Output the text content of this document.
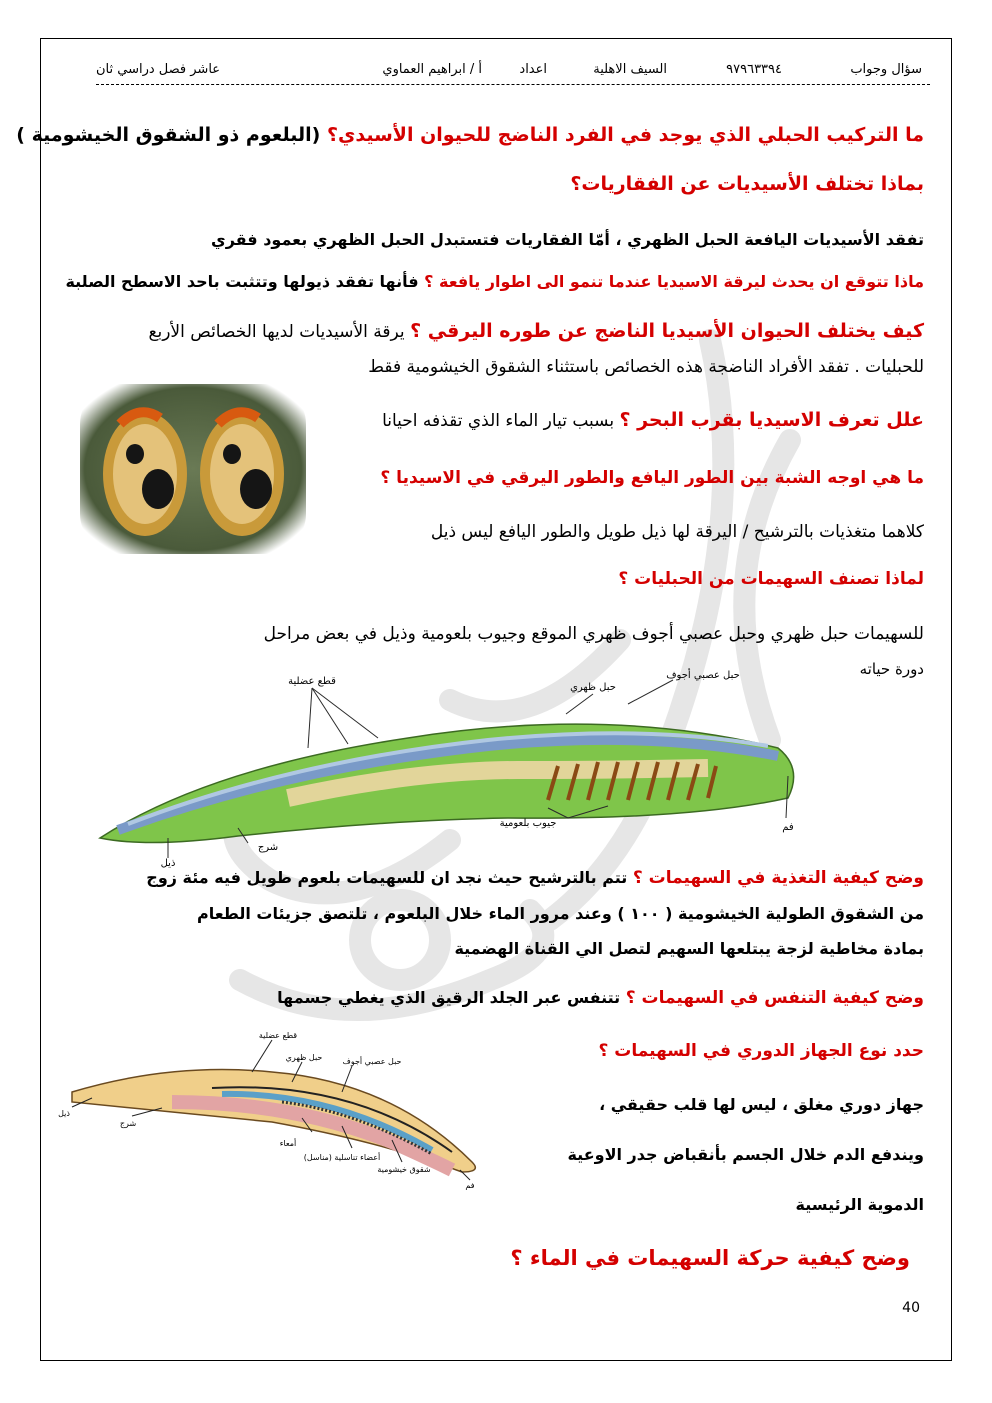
سؤال وجواب
٩٧٩٦٣٣٩٤
السيف الاهلية
اعداد
أ / ابراهيم العماوي
عاشر فصل دراسي ثان
ما التركيب الحبلي الذي يوجد في الفرد الناضج للحيوان الأسيدي؟ (البلعوم ذو الشقوق الخيشومية )
بماذا تختلف الأسيديات عن الفقاريات؟
تفقد الأسيديات اليافعة الحبل الظهري ، أمّا الفقاريات فتستبدل الحبل الظهري بعمود فقري
ماذا تتوقع ان يحدث ليرقة الاسيديا عندما تنمو الى اطوار يافعة ؟ فأنها تفقد ذيولها وتتثبت باحد الاسطح الصلبة
كيف يختلف الحيوان الأسيديا الناضج عن طوره اليرقي ؟ يرقة الأسيديات لديها الخصائص الأربع
للحبليات . تفقد الأفراد الناضجة هذه الخصائص باستثناء الشقوق الخيشومية فقط
علل تعرف الاسيديا بقرب البحر ؟ بسبب تيار الماء الذي تقذفه احيانا
ما هي اوجه الشبة بين الطور اليافع والطور اليرقي في الاسيديا ؟
كلاهما متغذيات بالترشيح / اليرقة لها ذيل طويل والطور اليافع ليس ذيل
لماذا تصنف السهيمات من الحبليات ؟
للسهيمات حبل ظهري وحبل عصبي أجوف ظهري الموقع وجيوب بلعومية وذيل في بعض مراحل
دورة حياته
قطع عضلية
حبل ظهري
حبل عصبي أجوف
شرج
جيوب بلعومية	فم
ذيل
وضح كيفية التغذية في السهيمات ؟ تتم بالترشيح حيث نجد ان للسهيمات بلعوم طويل فيه مئة زوج
من الشقوق الطولية الخيشومية ( ١٠٠ ) وعند مرور الماء خلال البلعوم ، تلتصق جزيئات الطعام
بمادة مخاطية لزجة يبتلعها السهيم لتصل الي القناة الهضمية
وضح كيفية التنفس في السهيمات ؟ تتنفس عبر الجلد الرقيق الذي يغطي جسمها
حدد نوع الجهاز الدوري في السهيمات ؟
جهاز دوري مغلق ، ليس لها قلب حقيقي ،
ويندفع الدم خلال الجسم بأنقباض جدر الاوعية
الدموية الرئيسية
وضح كيفية حركة السهيمات في الماء ؟
قطع عضلية
حبل ظهري	حبل عصبي أجوف
ذيل
شرج
أمعاء
أعضاء تناسلية (مناسل)
شقوق خيشومية
فم
40
